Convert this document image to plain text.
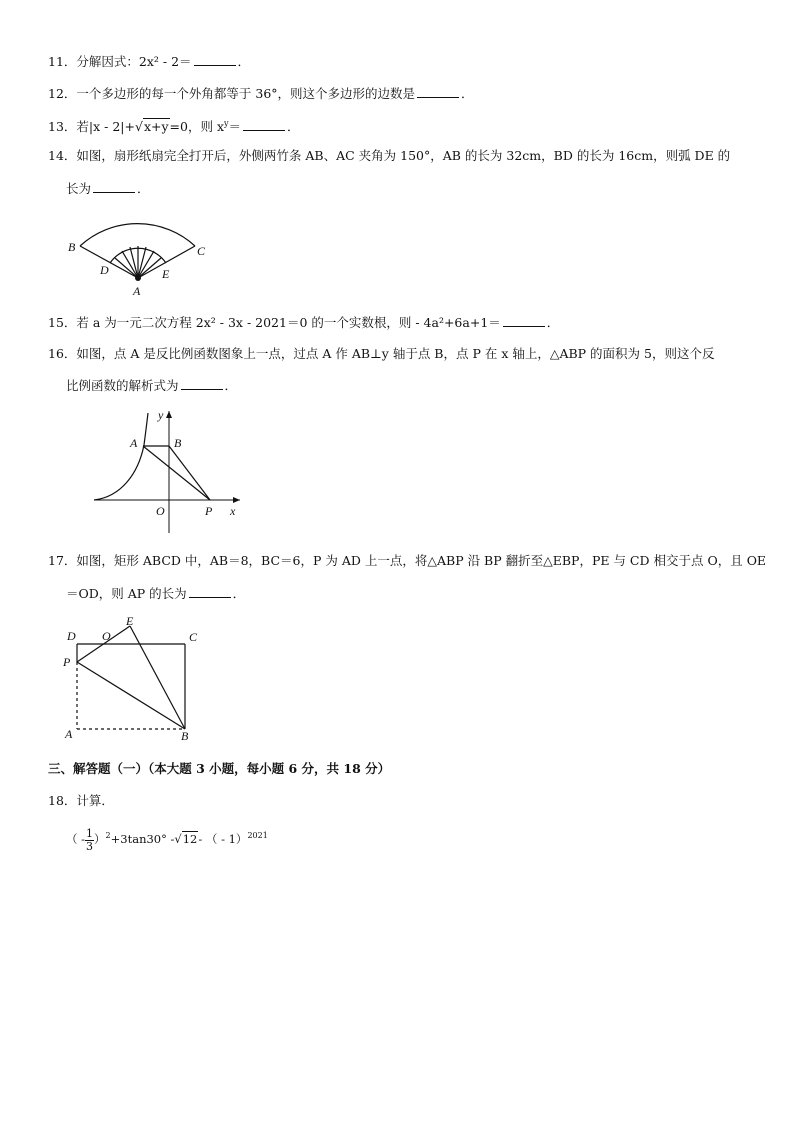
11．分解因式：2x² - 2＝	．
12．一个多边形的每一个外角都等于 36°，则这个多边形的边数是	．
13．若|x - 2|+√x+y=0，则 $x^y=$	．
14．如图，扇形纸扇完全打开后，外侧两竹条 AB、AC 夹角为 150°，AB 的长为 32cm，BD 的长为 16cm，则弧 DE 的
长为	．
B	C
D	E
A
15．若 a 为一元二次方程 2x² - 3x - 2021＝0 的一个实数根，则 - 4a²+6a+1＝	．
16．如图，点 A 是反比例函数图象上一点，过点 A 作 AB⊥y 轴于点 B，点 P 在 x 轴上，△ABP 的面积为 5，则这个反
比例函数的解析式为	．
y
A	B
O	P x
17．如图，矩形 ABCD 中，AB＝8，BC＝6，P 为 AD 上一点，将△ABP 沿 BP 翻折至△EBP，PE 与 CD 相交于点 O，且 OE
＝OD，则 AP 的长为	．
D O
E
C
P
A	B
三、解答题（一）（本大题 3 小题，每小题 6 分，共 18 分）
18．计算．
（ - $\frac{1}{3} )^2+3\tan 30^\circ$ -√12- （ - 1）$^{2021}$
